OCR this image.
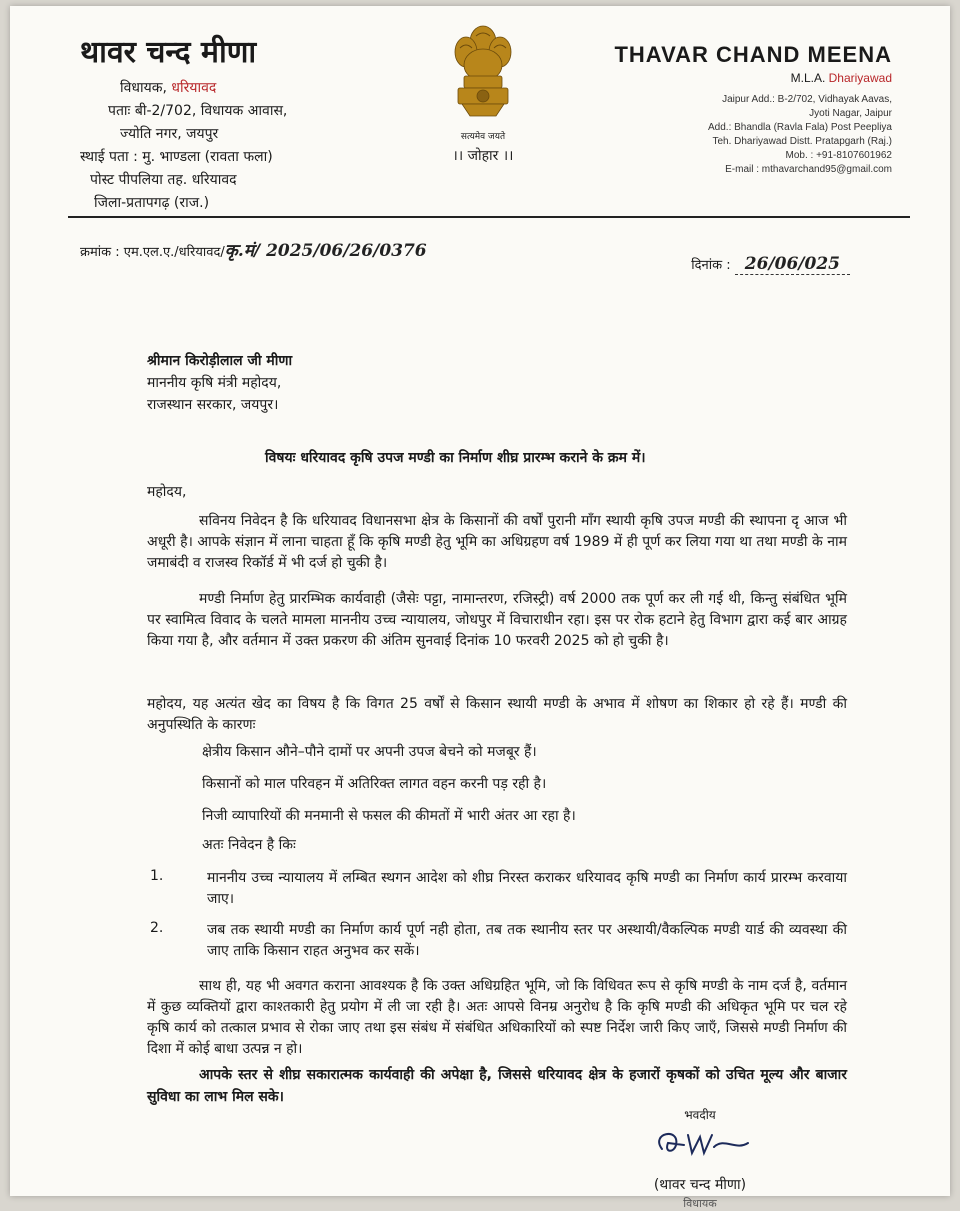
थावर चन्द मीणा
विधायक, धरियावद
पताः बी-2/702, विधायक आवास,
ज्योति नगर, जयपुर
स्थाई पता : मु. भाण्डला (रावता फला)
पोस्ट पीपलिया तह. धरियावद
जिला-प्रतापगढ़ (राज.)
सत्यमेव जयते
।। जोहार ।।
THAVAR CHAND MEENA
M.L.A. Dhariyawad
Jaipur Add.: B-2/702, Vidhayak Aavas,
Jyoti Nagar, Jaipur
Add.: Bhandla (Ravla Fala) Post Peepliya
Teh. Dhariyawad Distt. Pratapgarh (Raj.)
Mob. : +91-8107601962
E-mail : mthavarchand95@gmail.com
क्रमांक : एम.एल.ए./धरियावद/कृ.मं/ 2025/06/26/0376
दिनांक : 26/06/025
श्रीमान किरोड़ीलाल जी मीणा
माननीय कृषि मंत्री महोदय,
राजस्थान सरकार, जयपुर।
विषयः धरियावद कृषि उपज मण्डी का निर्माण शीघ्र प्रारम्भ कराने के क्रम में।
महोदय,
सविनय निवेदन है कि धरियावद विधानसभा क्षेत्र के किसानों की वर्षों पुरानी माँग स्थायी कृषि उपज मण्डी की स्थापना दृ आज भी अधूरी है। आपके संज्ञान में लाना चाहता हूँ कि कृषि मण्डी हेतु भूमि का अधिग्रहण वर्ष 1989 में ही पूर्ण कर लिया गया था तथा मण्डी के नाम जमाबंदी व राजस्व रिकॉर्ड में भी दर्ज हो चुकी है।
मण्डी निर्माण हेतु प्रारम्भिक कार्यवाही (जैसेः पट्टा, नामान्तरण, रजिस्ट्री) वर्ष 2000 तक पूर्ण कर ली गई थी, किन्तु संबंधित भूमि पर स्वामित्व विवाद के चलते मामला माननीय उच्च न्यायालय, जोधपुर में विचाराधीन रहा। इस पर रोक हटाने हेतु विभाग द्वारा कई बार आग्रह किया गया है, और वर्तमान में उक्त प्रकरण की अंतिम सुनवाई दिनांक 10 फरवरी 2025 को हो चुकी है।
महोदय, यह अत्यंत खेद का विषय है कि विगत 25 वर्षों से किसान स्थायी मण्डी के अभाव में शोषण का शिकार हो रहे हैं। मण्डी की अनुपस्थिति के कारणः
क्षेत्रीय किसान औने–पौने दामों पर अपनी उपज बेचने को मजबूर हैं।
किसानों को माल परिवहन में अतिरिक्त लागत वहन करनी पड़ रही है।
निजी व्यापारियों की मनमानी से फसल की कीमतों में भारी अंतर आ रहा है।
अतः निवेदन है किः
1.	माननीय उच्च न्यायालय में लम्बित स्थगन आदेश को शीघ्र निरस्त कराकर धरियावद कृषि मण्डी का निर्माण कार्य प्रारम्भ करवाया जाए।
2.	जब तक स्थायी मण्डी का निर्माण कार्य पूर्ण नही होता, तब तक स्थानीय स्तर पर अस्थायी/वैकल्पिक मण्डी यार्ड की व्यवस्था की जाए ताकि किसान राहत अनुभव कर सकें।
साथ ही, यह भी अवगत कराना आवश्यक है कि उक्त अधिग्रहित भूमि, जो कि विधिवत रूप से कृषि मण्डी के नाम दर्ज है, वर्तमान में कुछ व्यक्तियों द्वारा काश्तकारी हेतु प्रयोग में ली जा रही है। अतः आपसे विनम्र अनुरोध है कि कृषि मण्डी की अधिकृत भूमि पर चल रहे कृषि कार्य को तत्काल प्रभाव से रोका जाए तथा इस संबंध में संबंधित अधिकारियों को स्पष्ट निर्देश जारी किए जाएँ, जिससे मण्डी निर्माण की दिशा में कोई बाधा उत्पन्न न हो।
आपके स्तर से शीघ्र सकारात्मक कार्यवाही की अपेक्षा है, जिससे धरियावद क्षेत्र के हजारों कृषकों को उचित मूल्य और बाजार सुविधा का लाभ मिल सके।
भवदीय
(थावर चन्द मीणा)
विधायक
